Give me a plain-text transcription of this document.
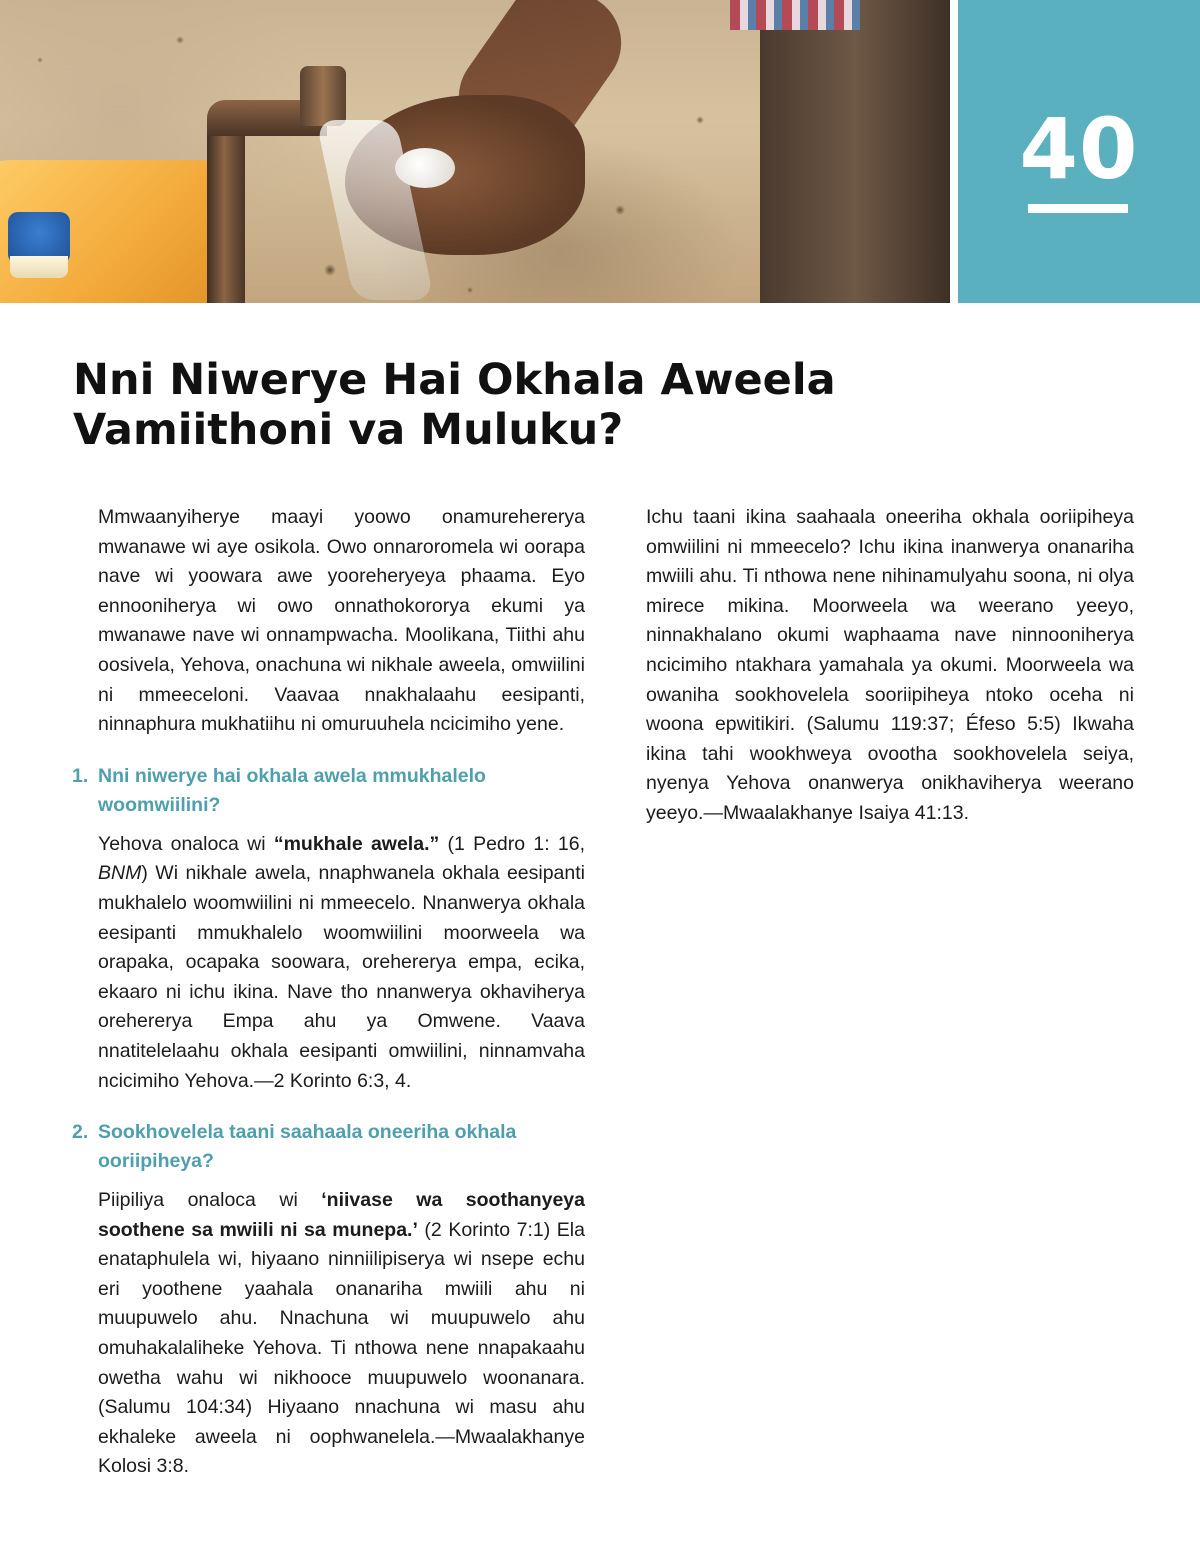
40
Nni Niwerye Hai Okhala Aweela
Vamiithoni va Muluku?

Mmwaanyiherye maayi yoowo onamurehererya mwanawe wi aye osikola. Owo onnaroromela wi oorapa nave wi yoowara awe yooreheryeya phaama. Eyo ennooniherya wi owo onnathokororya ekumi ya mwanawe nave wi onnampwacha. Moolikana, Tiithi ahu oosivela, Yehova, onachuna wi nikhale aweela, omwiilini ni mmeeceloni. Vaavaa nnakhalaahu eesipanti, ninnaphura mukhatiihu ni omuruuhela ncicimiho yene.

1. Nni niwerye hai okhala awela mmukhalelo woomwiilini?

Yehova onaloca wi “mukhale awela.” (1 Pedro 1: 16, BNM) Wi nikhale awela, nnaphwanela okhala eesipanti mukhalelo woomwiilini ni mmeecelo. Nnanwerya okhala eesipanti mmukhalelo woomwiilini moorweela wa orapaka, ocapaka soowara, orehererya empa, ecika, ekaaro ni ichu ikina. Nave tho nnanwerya okhaviherya orehererya Empa ahu ya Omwene. Vaava nnatitelelaahu okhala eesipanti omwiilini, ninnamvaha ncicimiho Yehova.—2 Korinto 6:3, 4.

2. Sookhovelela taani saahaala oneeriha okhala ooriipiheya?

Piipiliya onaloca wi ‘niivase wa soothanyeya soothene sa mwiili ni sa munepa.’ (2 Korinto 7:1) Ela enataphulela wi, hiyaano ninniilipiserya wi nsepe echu eri yoothene yaahala onanariha mwiili ahu ni muupuwelo ahu. Nnachuna wi muupuwelo ahu omuhakalaliheke Yehova. Ti nthowa nene nnapakaahu owetha wahu wi nikhooce muupuwelo woonanara. (Salumu 104:34) Hiyaano nnachuna wi masu ahu ekhaleke aweela ni oophwanelela.—Mwaalakhanye Kolosi 3:8.

Ichu taani ikina saahaala oneeriha okhala ooriipiheya omwiilini ni mmeecelo? Ichu ikina inanwerya onanariha mwiili ahu. Ti nthowa nene nihinamulyahu soona, ni olya mirece mikina. Moorweela wa weerano yeeyo, ninnakhalano okumi waphaama nave ninnooniherya ncicimiho ntakhara yamahala ya okumi. Moorweela wa owaniha sookhovelela sooriipiheya ntoko oceha ni woona epwitikiri. (Salumu 119:37; Éfeso 5:5) Ikwaha ikina tahi wookhweya ovootha sookhovelela seiya, nyenya Yehova onanwerya onikhaviherya weerano yeeyo.—Mwaalakhanye Isaiya 41:13.
